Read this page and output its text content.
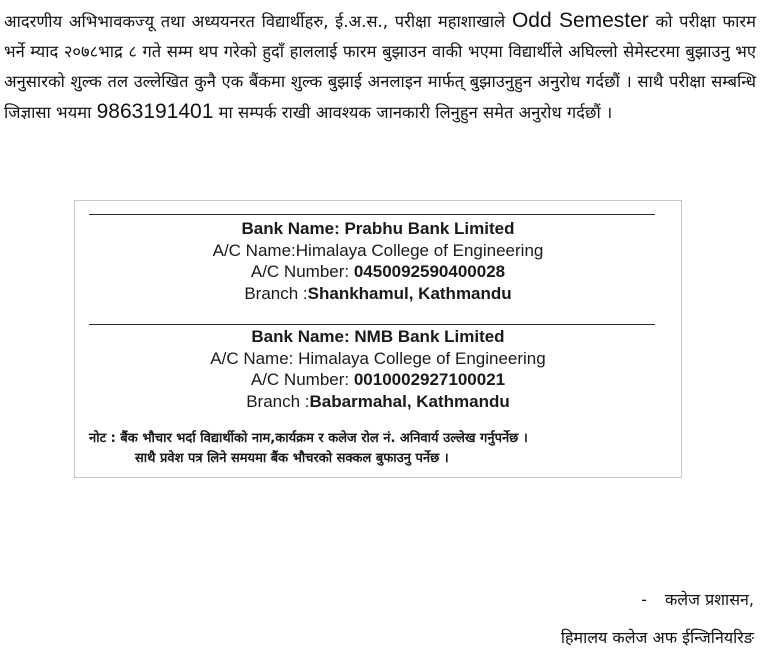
आदरणीय अभिभावकज्यू तथा अध्ययनरत विद्यार्थीहरु, ई.अ.स., परीक्षा महाशाखाले Odd Semester को परीक्षा फारम भर्ने म्याद २०७८भाद्र ८ गते सम्म थप गरेको हुदाँ हाललाई फारम बुझाउन वाकी भएमा विद्यार्थीले अघिल्लो सेमेस्टरमा बुझाउनु भए अनुसारको शुल्क तल उल्लेखित कुनै एक बैंकमा शुल्क बुझाई अनलाइन मार्फत् बुझाउनुहुन अनुरोध गर्दछौं । साथै परीक्षा सम्बन्धि जिज्ञासा भयमा 9863191401 मा सम्पर्क राखी आवश्यक जानकारी लिनुहुन समेत अनुरोध गर्दछौं ।

Bank Name: Prabhu Bank Limited
A/C Name:Himalaya College of Engineering
A/C Number: 0450092590400028
Branch :Shankhamul, Kathmandu
Bank Name: NMB Bank Limited
A/C Name: Himalaya College of Engineering
A/C Number: 0010002927100021
Branch :Babarmahal, Kathmandu
नोट : बैंक भौचार भर्दा विद्यार्थीको नाम,कार्यक्रम र कलेज रोल नं. अनिवार्य उल्लेख गर्नुपर्नेछ ।
साथै प्रवेश पत्र लिने समयमा बैंक भौचरको सक्कल बुफाउनु पर्नेछ ।
- कलेज प्रशासन,
हिमालय कलेज अफ ईन्जिनियरिङ
